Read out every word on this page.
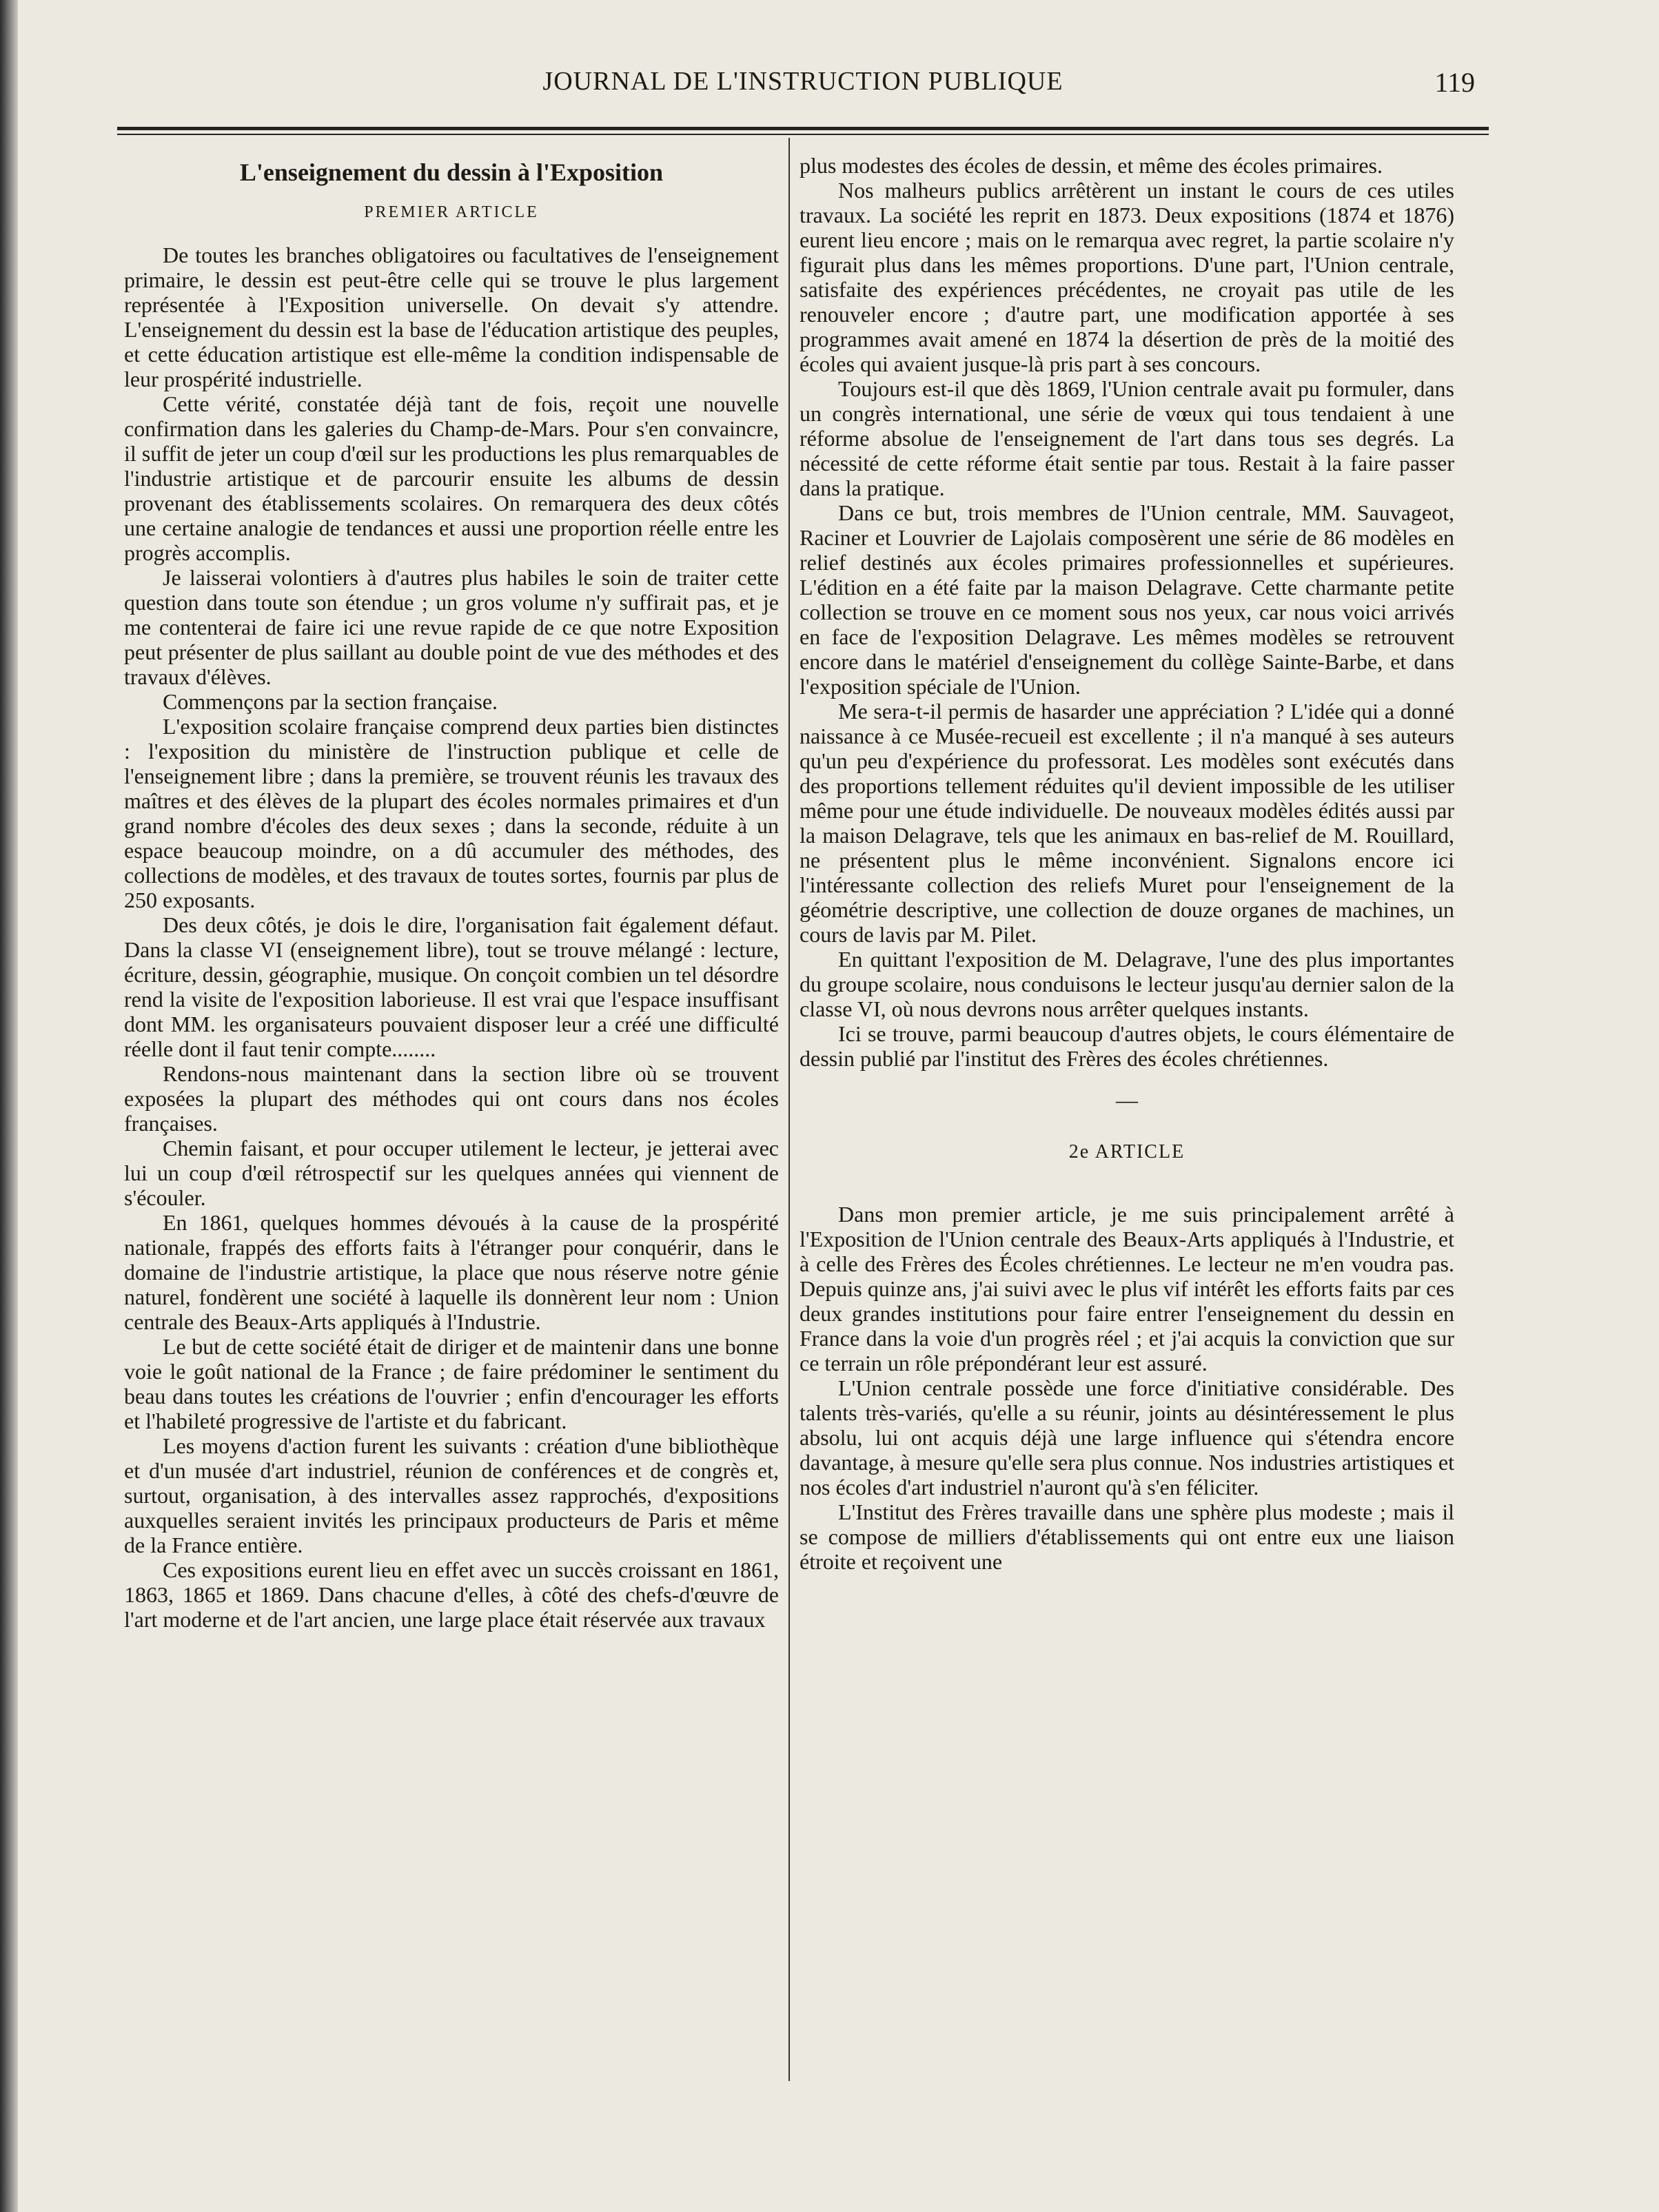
JOURNAL DE L'INSTRUCTION PUBLIQUE	119
L'enseignement du dessin à l'Exposition
PREMIER ARTICLE

De toutes les branches obligatoires ou facultatives de l'enseignement primaire, le dessin est peut-être celle qui se trouve le plus largement représentée à l'Exposition universelle. On devait s'y attendre. L'enseignement du dessin est la base de l'éducation artistique des peuples, et cette éducation artistique est elle-même la condition indispensable de leur prospérité industrielle.

Cette vérité, constatée déjà tant de fois, reçoit une nouvelle confirmation dans les galeries du Champ-de-Mars. Pour s'en convaincre, il suffit de jeter un coup d'œil sur les productions les plus remarquables de l'industrie artistique et de parcourir ensuite les albums de dessin provenant des établissements scolaires. On remarquera des deux côtés une certaine analogie de tendances et aussi une proportion réelle entre les progrès accomplis.

Je laisserai volontiers à d'autres plus habiles le soin de traiter cette question dans toute son étendue ; un gros volume n'y suffirait pas, et je me contenterai de faire ici une revue rapide de ce que notre Exposition peut présenter de plus saillant au double point de vue des méthodes et des travaux d'élèves.

Commençons par la section française.

L'exposition scolaire française comprend deux parties bien distinctes : l'exposition du ministère de l'instruction publique et celle de l'enseignement libre ; dans la première, se trouvent réunis les travaux des maîtres et des élèves de la plupart des écoles normales primaires et d'un grand nombre d'écoles des deux sexes ; dans la seconde, réduite à un espace beaucoup moindre, on a dû accumuler des méthodes, des collections de modèles, et des travaux de toutes sortes, fournis par plus de 250 exposants.

Des deux côtés, je dois le dire, l'organisation fait également défaut. Dans la classe VI (enseignement libre), tout se trouve mélangé : lecture, écriture, dessin, géographie, musique. On conçoit combien un tel désordre rend la visite de l'exposition laborieuse. Il est vrai que l'espace insuffisant dont MM. les organisateurs pouvaient disposer leur a créé une difficulté réelle dont il faut tenir compte........

Rendons-nous maintenant dans la section libre où se trouvent exposées la plupart des méthodes qui ont cours dans nos écoles françaises.

Chemin faisant, et pour occuper utilement le lecteur, je jetterai avec lui un coup d'œil rétrospectif sur les quelques années qui viennent de s'écouler.

En 1861, quelques hommes dévoués à la cause de la prospérité nationale, frappés des efforts faits à l'étranger pour conquérir, dans le domaine de l'industrie artistique, la place que nous réserve notre génie naturel, fondèrent une société à laquelle ils donnèrent leur nom : Union centrale des Beaux-Arts appliqués à l'Industrie.

Le but de cette société était de diriger et de maintenir dans une bonne voie le goût national de la France ; de faire prédominer le sentiment du beau dans toutes les créations de l'ouvrier ; enfin d'encourager les efforts et l'habileté progressive de l'artiste et du fabricant.

Les moyens d'action furent les suivants : création d'une bibliothèque et d'un musée d'art industriel, réunion de conférences et de congrès et, surtout, organisation, à des intervalles assez rapprochés, d'expositions auxquelles seraient invités les principaux producteurs de Paris et même de la France entière.

Ces expositions eurent lieu en effet avec un succès croissant en 1861, 1863, 1865 et 1869. Dans chacune d'elles, à côté des chefs-d'œuvre de l'art moderne et de l'art ancien, une large place était réservée aux travaux

plus modestes des écoles de dessin, et même des écoles primaires.

Nos malheurs publics arrêtèrent un instant le cours de ces utiles travaux. La société les reprit en 1873. Deux expositions (1874 et 1876) eurent lieu encore ; mais on le remarqua avec regret, la partie scolaire n'y figurait plus dans les mêmes proportions. D'une part, l'Union centrale, satisfaite des expériences précédentes, ne croyait pas utile de les renouveler encore ; d'autre part, une modification apportée à ses programmes avait amené en 1874 la désertion de près de la moitié des écoles qui avaient jusque-là pris part à ses concours.

Toujours est-il que dès 1869, l'Union centrale avait pu formuler, dans un congrès international, une série de vœux qui tous tendaient à une réforme absolue de l'enseignement de l'art dans tous ses degrés. La nécessité de cette réforme était sentie par tous. Restait à la faire passer dans la pratique.

Dans ce but, trois membres de l'Union centrale, MM. Sauvageot, Raciner et Louvrier de Lajolais composèrent une série de 86 modèles en relief destinés aux écoles primaires professionnelles et supérieures. L'édition en a été faite par la maison Delagrave. Cette charmante petite collection se trouve en ce moment sous nos yeux, car nous voici arrivés en face de l'exposition Delagrave. Les mêmes modèles se retrouvent encore dans le matériel d'enseignement du collège Sainte-Barbe, et dans l'exposition spéciale de l'Union.

Me sera-t-il permis de hasarder une appréciation ? L'idée qui a donné naissance à ce Musée-recueil est excellente ; il n'a manqué à ses auteurs qu'un peu d'expérience du professorat. Les modèles sont exécutés dans des proportions tellement réduites qu'il devient impossible de les utiliser même pour une étude individuelle. De nouveaux modèles édités aussi par la maison Delagrave, tels que les animaux en bas-relief de M. Rouillard, ne présentent plus le même inconvénient. Signalons encore ici l'intéressante collection des reliefs Muret pour l'enseignement de la géométrie descriptive, une collection de douze organes de machines, un cours de lavis par M. Pilet.

En quittant l'exposition de M. Delagrave, l'une des plus importantes du groupe scolaire, nous conduisons le lecteur jusqu'au dernier salon de la classe VI, où nous devrons nous arrêter quelques instants.

Ici se trouve, parmi beaucoup d'autres objets, le cours élémentaire de dessin publié par l'institut des Frères des écoles chrétiennes.

—
2e ARTICLE

Dans mon premier article, je me suis principalement arrêté à l'Exposition de l'Union centrale des Beaux-Arts appliqués à l'Industrie, et à celle des Frères des Écoles chrétiennes. Le lecteur ne m'en voudra pas. Depuis quinze ans, j'ai suivi avec le plus vif intérêt les efforts faits par ces deux grandes institutions pour faire entrer l'enseignement du dessin en France dans la voie d'un progrès réel ; et j'ai acquis la conviction que sur ce terrain un rôle prépondérant leur est assuré.

L'Union centrale possède une force d'initiative considérable. Des talents très-variés, qu'elle a su réunir, joints au désintéressement le plus absolu, lui ont acquis déjà une large influence qui s'étendra encore davantage, à mesure qu'elle sera plus connue. Nos industries artistiques et nos écoles d'art industriel n'auront qu'à s'en féliciter.

L'Institut des Frères travaille dans une sphère plus modeste ; mais il se compose de milliers d'établissements qui ont entre eux une liaison étroite et reçoivent une
